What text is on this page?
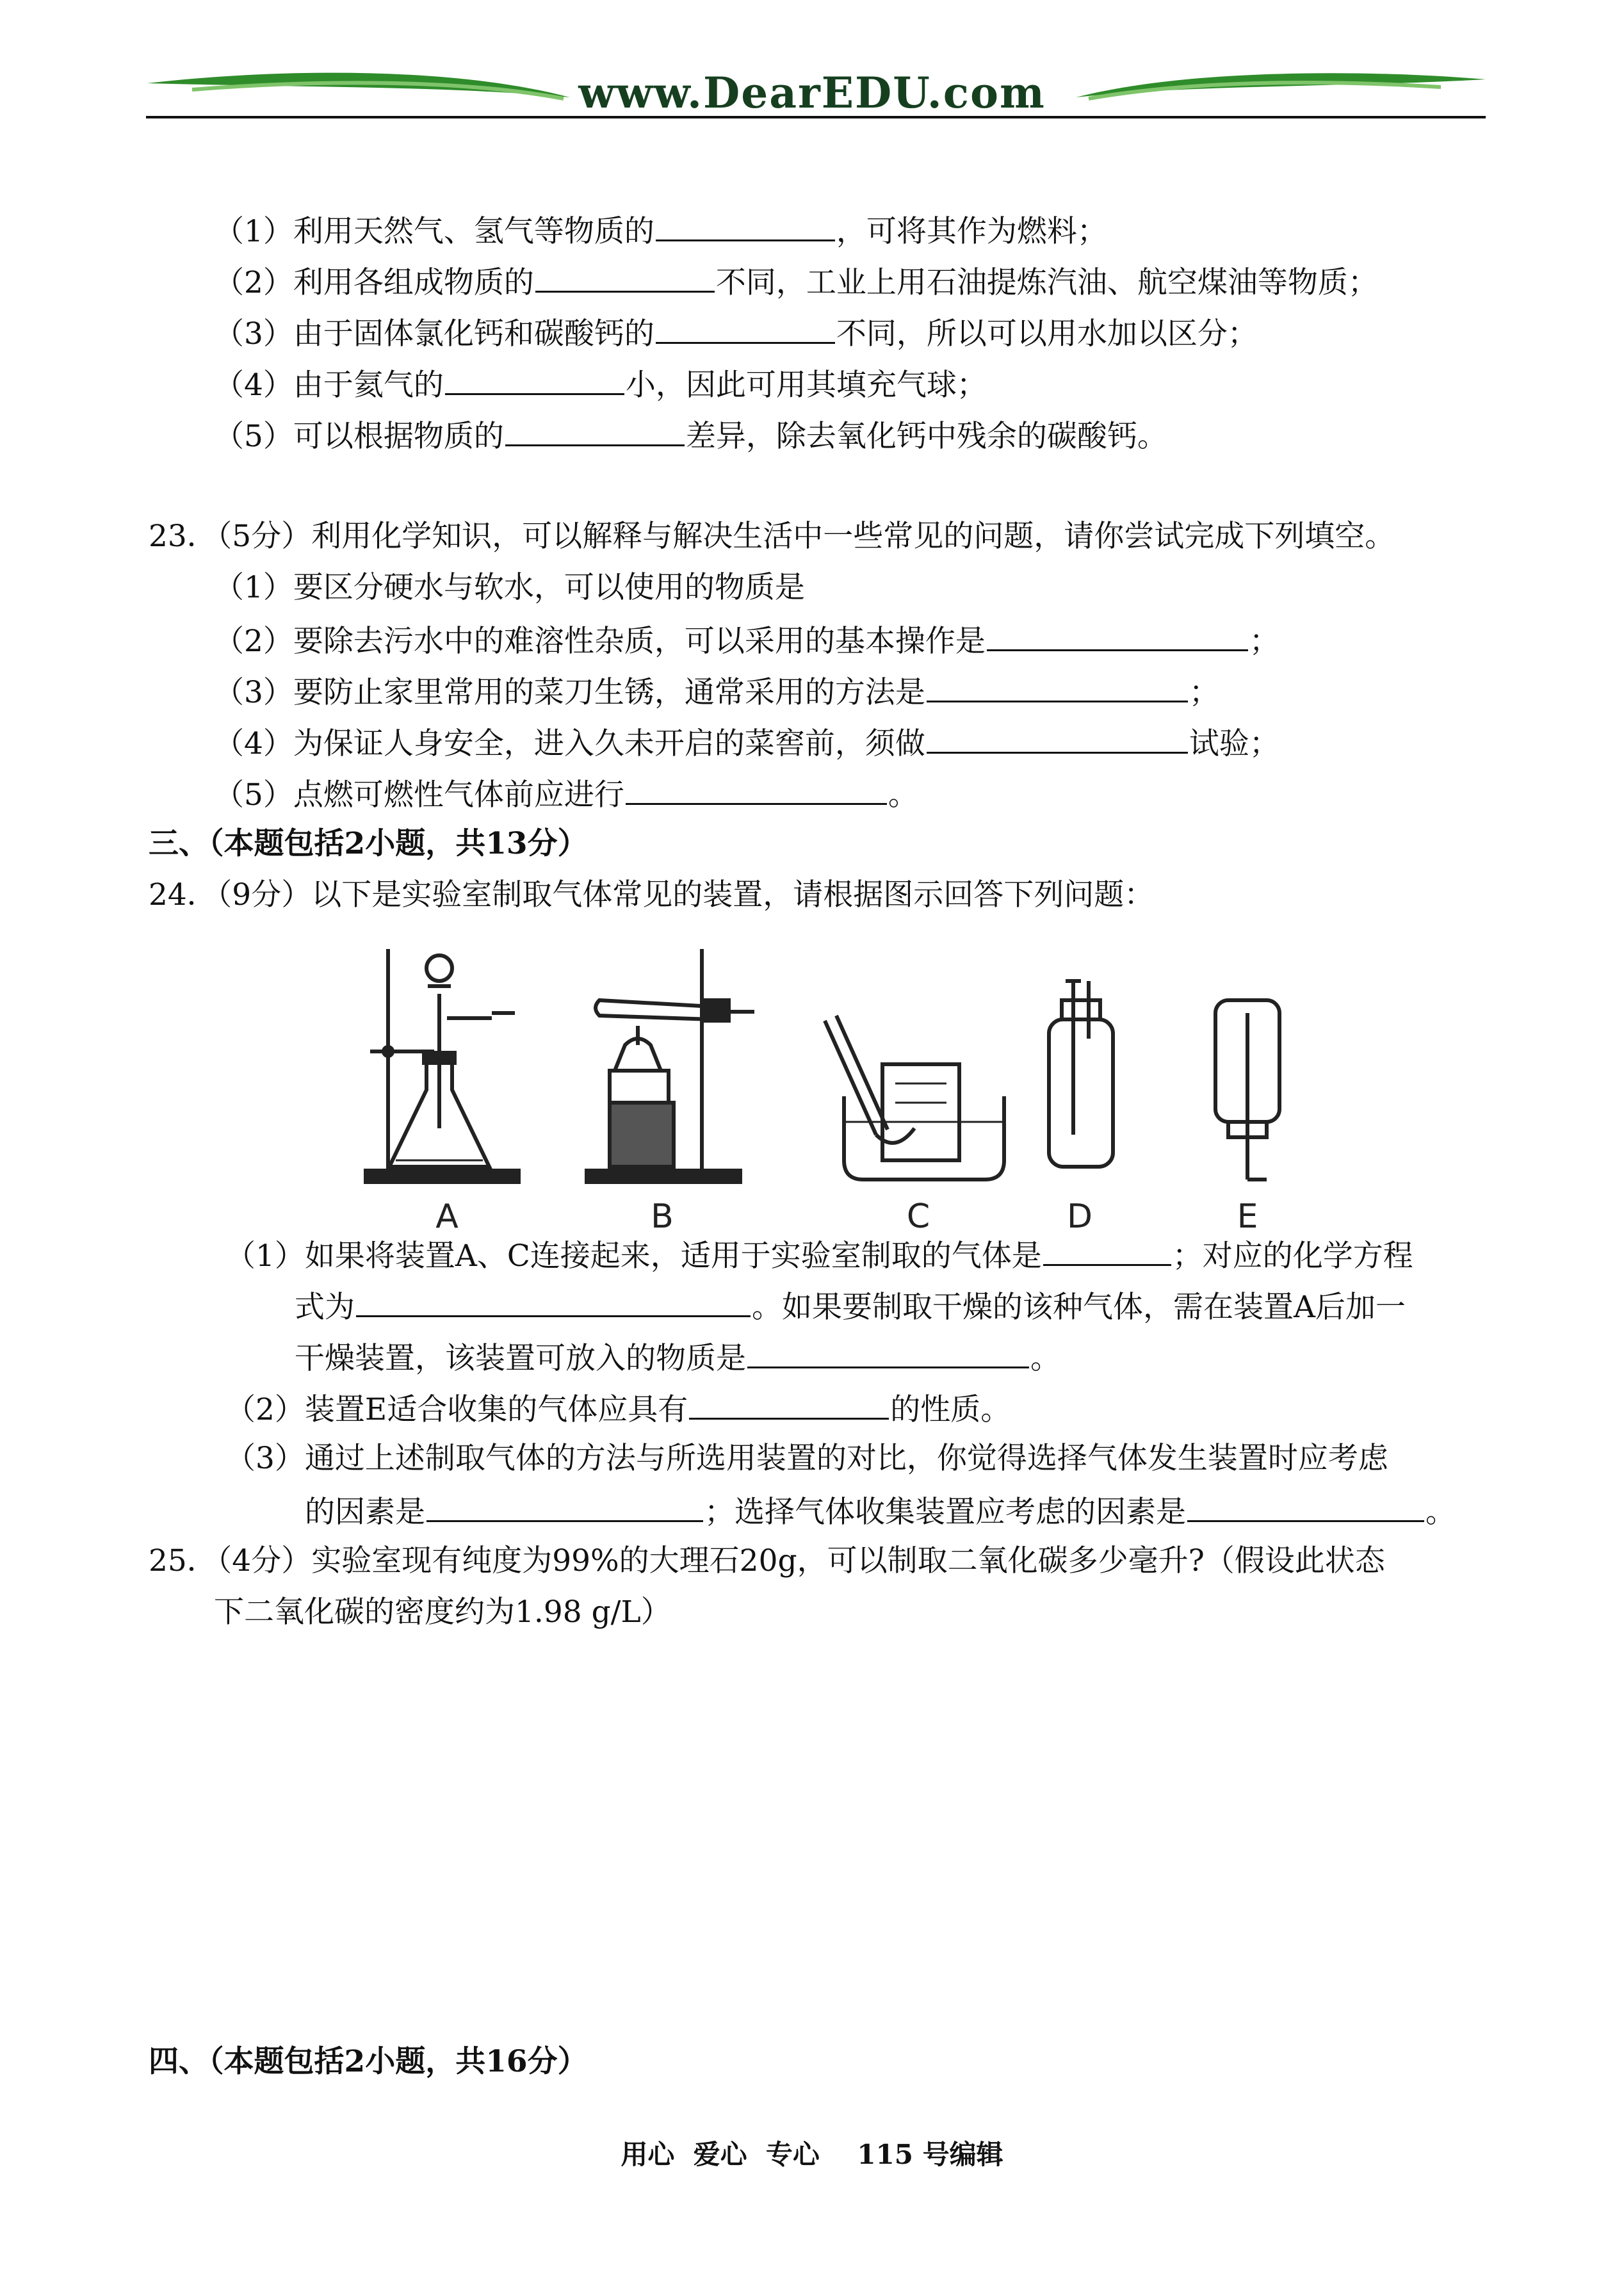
www.DearEDU.com
（1）利用天然气、氢气等物质的	，可将其作为燃料；
（2）利用各组成物质的	不同，工业上用石油提炼汽油、航空煤油等物质；
（3）由于固体氯化钙和碳酸钙的	不同，所以可以用水加以区分；
（4）由于氦气的	小，因此可用其填充气球；
（5）可以根据物质的	差异，除去氧化钙中残余的碳酸钙。
23．（5分）利用化学知识，可以解释与解决生活中一些常见的问题，请你尝试完成下列填空。
（1）要区分硬水与软水，可以使用的物质是
（2）要除去污水中的难溶性杂质，可以采用的基本操作是	；
（3）要防止家里常用的菜刀生锈，通常采用的方法是	；
（4）为保证人身安全，进入久未开启的菜窖前，须做	试验；
（5）点燃可燃性气体前应进行	。
三、（本题包括2小题，共13分）
24．（9分）以下是实验室制取气体常见的装置，请根据图示回答下列问题：
A	B	C	D	E
（1）如果将装置A、C连接起来，适用于实验室制取的气体是	；对应的化学方程
式为	。如果要制取干燥的该种气体，需在装置A后加一
干燥装置，该装置可放入的物质是	。
（2）装置E适合收集的气体应具有	的性质。
（3）通过上述制取气体的方法与所选用装置的对比，你觉得选择气体发生装置时应考虑
的因素是	；选择气体收集装置应考虑的因素是	。
25．（4分）实验室现有纯度为99%的大理石20g，可以制取二氧化碳多少毫升?（假设此状态
下二氧化碳的密度约为1.98 g/L）
四、（本题包括2小题，共16分）
用心  爱心  专心    115 号编辑
